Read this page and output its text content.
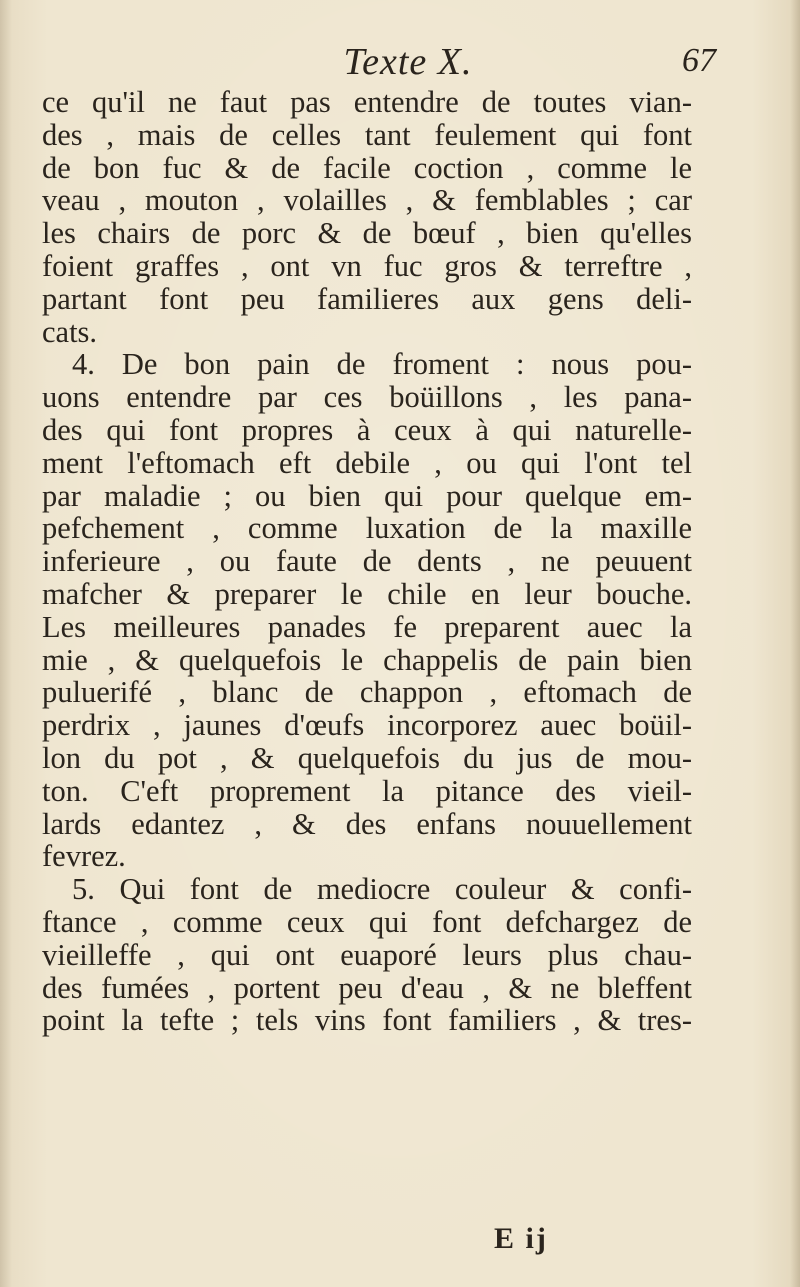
Texte X.	67
ce qu'il ne faut pas entendre de toutes vian-
des , mais de celles tant feulement qui font
de bon fuc & de facile coction , comme le
veau , mouton , volailles , & femblables ; car
les chairs de porc & de bœuf , bien qu'elles
foient graffes , ont vn fuc gros & terreftre ,
partant font peu familieres aux gens deli-
cats.
4. De bon pain de froment : nous pou-
uons entendre par ces boüillons , les pana-
des qui font propres à ceux à qui naturelle-
ment l'eftomach eft debile , ou qui l'ont tel
par maladie ; ou bien qui pour quelque em-
pefchement , comme luxation de la maxille
inferieure , ou faute de dents , ne peuuent
mafcher & preparer le chile en leur bouche.
Les meilleures panades fe preparent auec la
mie , & quelquefois le chappelis de pain bien
puluerifé , blanc de chappon , eftomach de
perdrix , jaunes d'œufs incorporez auec boüil-
lon du pot , & quelquefois du jus de mou-
ton. C'eft proprement la pitance des vieil-
lards edantez , & des enfans nouuellement
fevrez.
5. Qui font de mediocre couleur & confi-
ftance , comme ceux qui font defchargez de
vieilleffe , qui ont euaporé leurs plus chau-
des fumées , portent peu d'eau , & ne bleffent
point la tefte ; tels vins font familiers , & tres-
E ij
